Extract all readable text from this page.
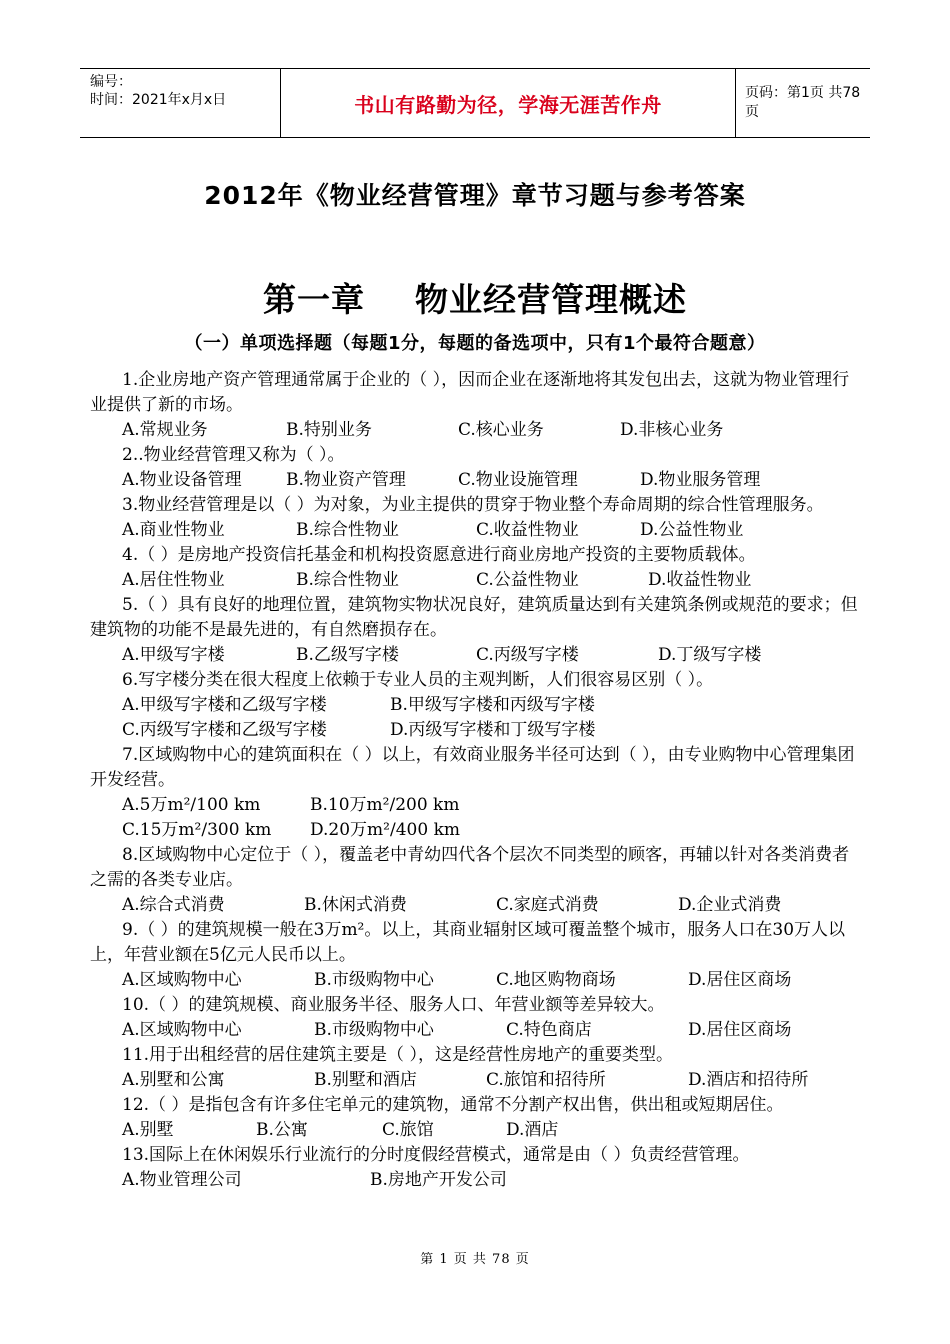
编号：
时间：2021年x月x日	书山有路勤为径，学海无涯苦作舟	页码：第1页 共78页
2012年《物业经营管理》章节习题与参考答案
第一章    物业经营管理概述
（一）单项选择题（每题1分，每题的备选项中，只有1个最符合题意）

1.企业房地产资产管理通常属于企业的（ ），因而企业在逐渐地将其发包出去，这就为物业管理行业提供了新的市场。

A.常规业务	B.特别业务	C.核心业务	D.非核心业务

2..物业经营管理又称为（ ）。

A.物业设备管理	B.物业资产管理	C.物业设施管理	D.物业服务管理

3.物业经营管理是以（ ）为对象，为业主提供的贯穿于物业整个寿命周期的综合性管理服务。

A.商业性物业	B.综合性物业	C.收益性物业	D.公益性物业

4.（ ）是房地产投资信托基金和机构投资愿意进行商业房地产投资的主要物质载体。

A.居住性物业	B.综合性物业	C.公益性物业	D.收益性物业

5.（ ）具有良好的地理位置，建筑物实物状况良好，建筑质量达到有关建筑条例或规范的要求；但建筑物的功能不是最先进的，有自然磨损存在。

A.甲级写字楼	B.乙级写字楼	C.丙级写字楼	D.丁级写字楼

6.写字楼分类在很大程度上依赖于专业人员的主观判断，人们很容易区别（ ）。

A.甲级写字楼和乙级写字楼	B.甲级写字楼和丙级写字楼
C.丙级写字楼和乙级写字楼	D.丙级写字楼和丁级写字楼

7.区域购物中心的建筑面积在（ ）以上，有效商业服务半径可达到（ ），由专业购物中心管理集团开发经营。

A.5万m²/100 km	B.10万m²/200 km
C.15万m²/300 km D.20万m²/400 km

8.区域购物中心定位于（ ），覆盖老中青幼四代各个层次不同类型的顾客，再辅以针对各类消费者之需的各类专业店。

A.综合式消费	B.休闲式消费	C.家庭式消费	D.企业式消费

9.（ ）的建筑规模一般在3万m²。以上，其商业辐射区域可覆盖整个城市，服务人口在30万人以上，年营业额在5亿元人民币以上。

A.区域购物中心	B.市级购物中心	C.地区购物商场	D.居住区商场

10.（ ）的建筑规模、商业服务半径、服务人口、年营业额等差异较大。

A.区域购物中心	B.市级购物中心	C.特色商店	D.居住区商场

11.用于出租经营的居住建筑主要是（ ），这是经营性房地产的重要类型。

A.别墅和公寓	B.别墅和酒店	C.旅馆和招待所	D.酒店和招待所

12.（ ）是指包含有许多住宅单元的建筑物，通常不分割产权出售，供出租或短期居住。

A.别墅	B.公寓	C.旅馆	D.酒店

13.国际上在休闲娱乐行业流行的分时度假经营模式，通常是由（ ）负责经营管理。

A.物业管理公司	B.房地产开发公司
第 1 页 共 78 页
